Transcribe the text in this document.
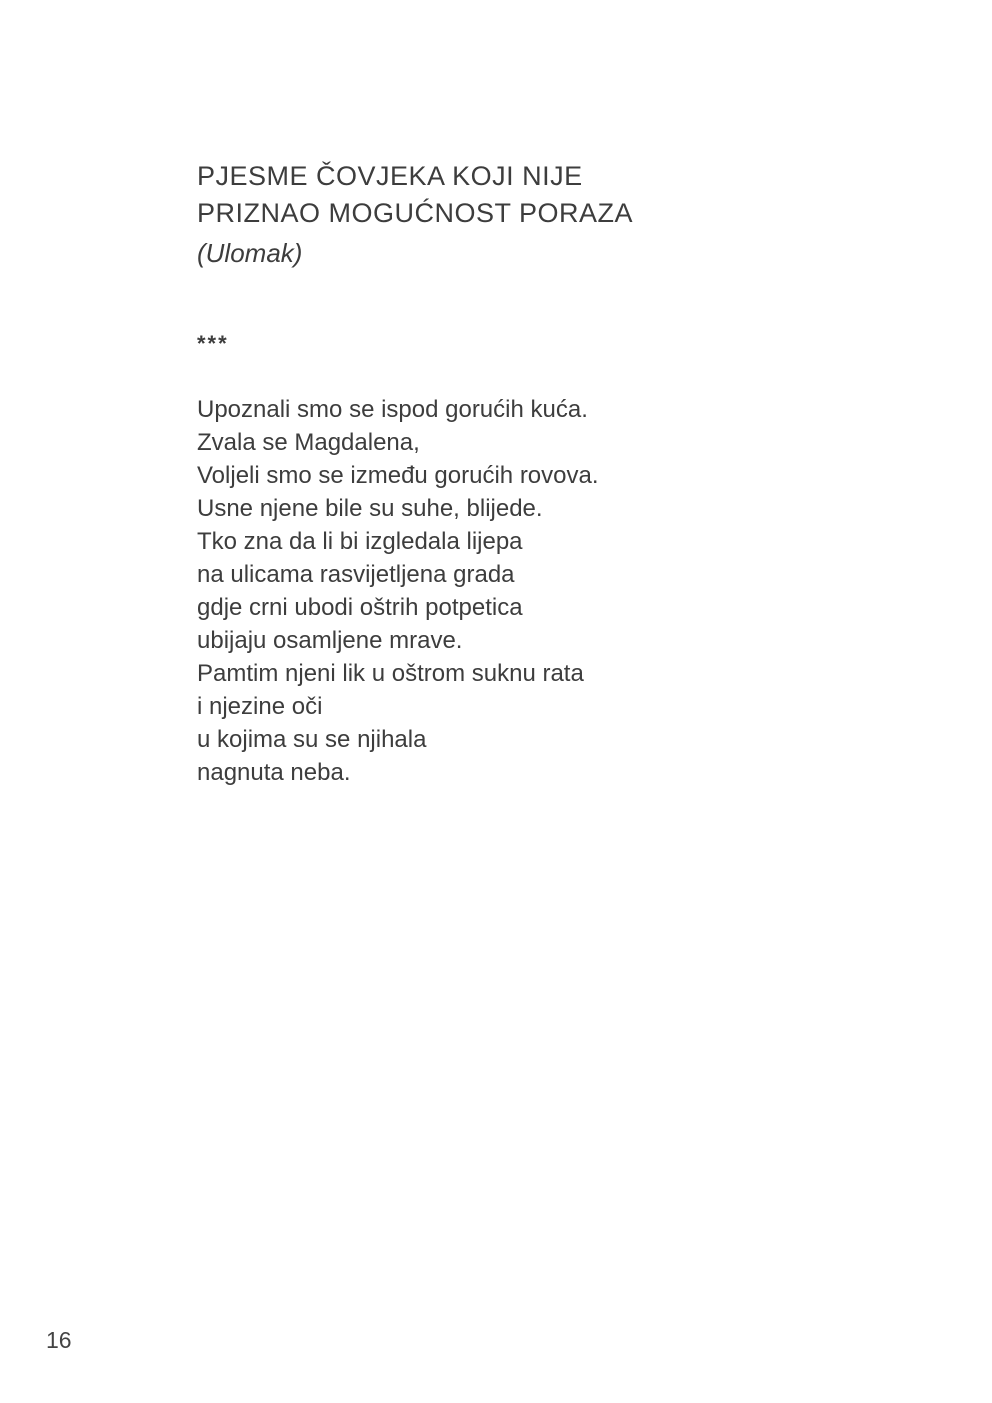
PJESME ČOVJEKA KOJI NIJE
PRIZNAO MOGUĆNOST PORAZA
(Ulomak)
***
Upoznali smo se ispod gorućih kuća.
Zvala se Magdalena,
Voljeli smo se između gorućih rovova.
Usne njene bile su suhe, blijede.
Tko zna da li bi izgledala lijepa
na ulicama rasvijetljena grada
gdje crni ubodi oštrih potpetica
ubijaju osamljene mrave.
Pamtim njeni lik u oštrom suknu rata
i njezine oči
u kojima su se njihala
nagnuta neba.
16
